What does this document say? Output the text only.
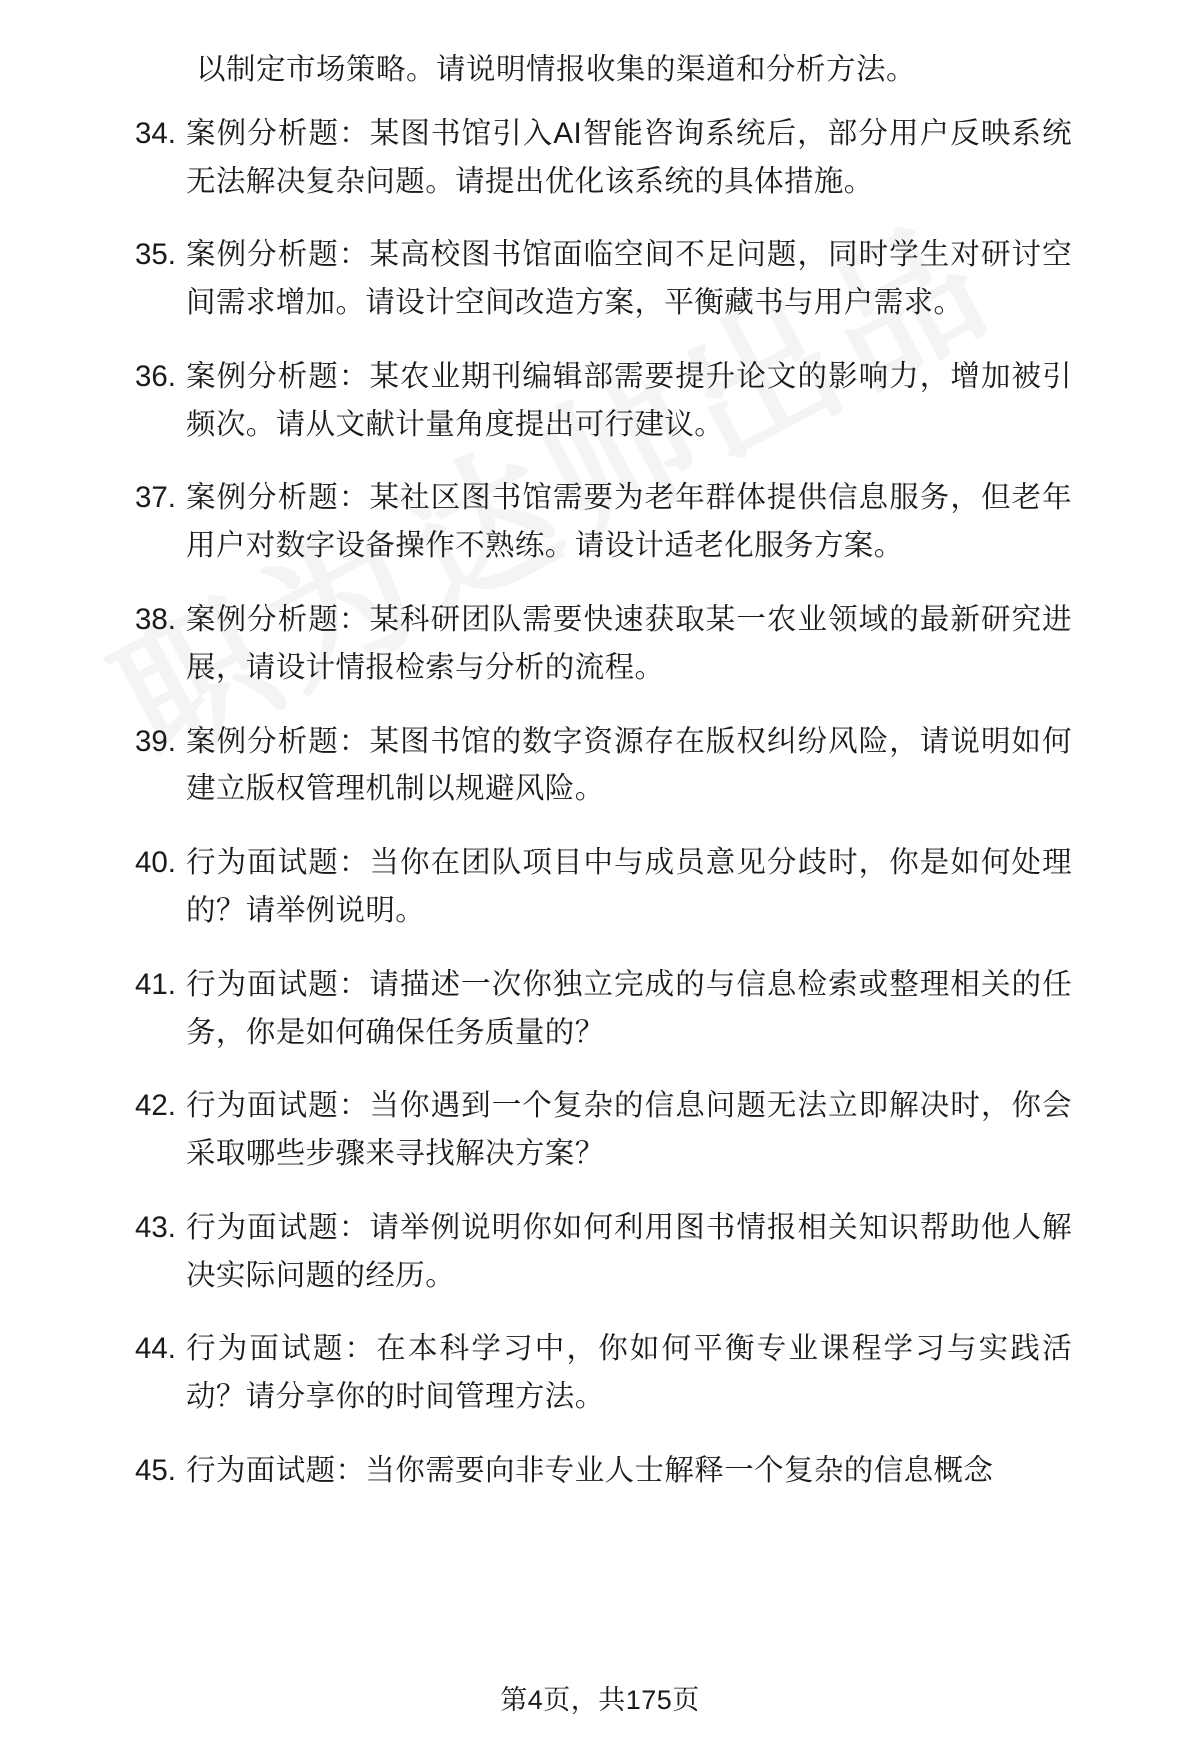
以制定市场策略。请说明情报收集的渠道和分析方法。

34. 案例分析题：某图书馆引入AI智能咨询系统后，部分用户反映系统无法解决复杂问题。请提出优化该系统的具体措施。
35. 案例分析题：某高校图书馆面临空间不足问题，同时学生对研讨空间需求增加。请设计空间改造方案，平衡藏书与用户需求。
36. 案例分析题：某农业期刊编辑部需要提升论文的影响力，增加被引频次。请从文献计量角度提出可行建议。
37. 案例分析题：某社区图书馆需要为老年群体提供信息服务，但老年用户对数字设备操作不熟练。请设计适老化服务方案。
38. 案例分析题：某科研团队需要快速获取某一农业领域的最新研究进展，请设计情报检索与分析的流程。
39. 案例分析题：某图书馆的数字资源存在版权纠纷风险，请说明如何建立版权管理机制以规避风险。
40. 行为面试题：当你在团队项目中与成员意见分歧时，你是如何处理的？请举例说明。
41. 行为面试题：请描述一次你独立完成的与信息检索或整理相关的任务，你是如何确保任务质量的？
42. 行为面试题：当你遇到一个复杂的信息问题无法立即解决时，你会采取哪些步骤来寻找解决方案？
43. 行为面试题：请举例说明你如何利用图书情报相关知识帮助他人解决实际问题的经历。
44. 行为面试题：在本科学习中，你如何平衡专业课程学习与实践活动？请分享你的时间管理方法。
45. 行为面试题：当你需要向非专业人士解释一个复杂的信息概念
第4页，共175页
